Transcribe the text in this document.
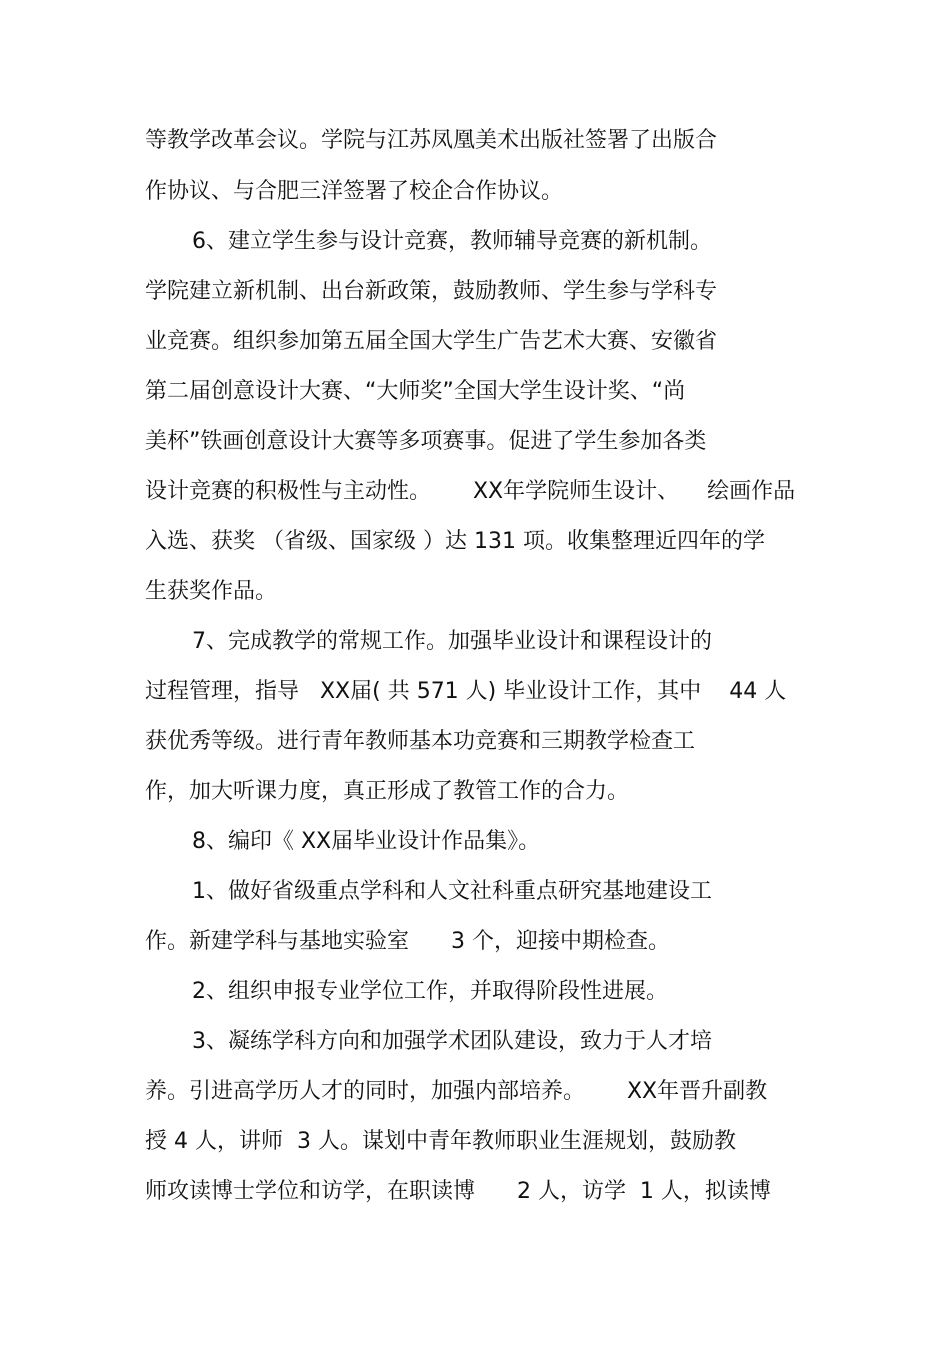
等教学改革会议。学院与江苏凤凰美术出版社签署了出版合
作协议、与合肥三洋签署了校企合作协议。
6、建立学生参与设计竞赛，教师辅导竞赛的新机制。
学院建立新机制、出台新政策，鼓励教师、学生参与学科专
业竞赛。组织参加第五届全国大学生广告艺术大赛、安徽省
第二届创意设计大赛、“大师奖”全国大学生设计奖、“尚
美杯”铁画创意设计大赛等多项赛事。促进了学生参加各类
设计竞赛的积极性与主动性。      XX年学院师生设计、    绘画作品
入选、获奖 （省级、国家级 ）达 131 项。收集整理近四年的学
生获奖作品。
7、完成教学的常规工作。加强毕业设计和课程设计的
过程管理，指导   XX届( 共 571 人) 毕业设计工作，其中    44 人
获优秀等级。进行青年教师基本功竞赛和三期教学检查工
作，加大听课力度，真正形成了教管工作的合力。
8、编印《 XX届毕业设计作品集》。
1、做好省级重点学科和人文社科重点研究基地建设工
作。新建学科与基地实验室      3 个，迎接中期检查。
2、组织申报专业学位工作，并取得阶段性进展。
3、凝练学科方向和加强学术团队建设，致力于人才培
养。引进高学历人才的同时，加强内部培养。      XX年晋升副教
授 4 人，讲师  3 人。谋划中青年教师职业生涯规划，鼓励教
师攻读博士学位和访学，在职读博      2 人，访学  1 人，拟读博
